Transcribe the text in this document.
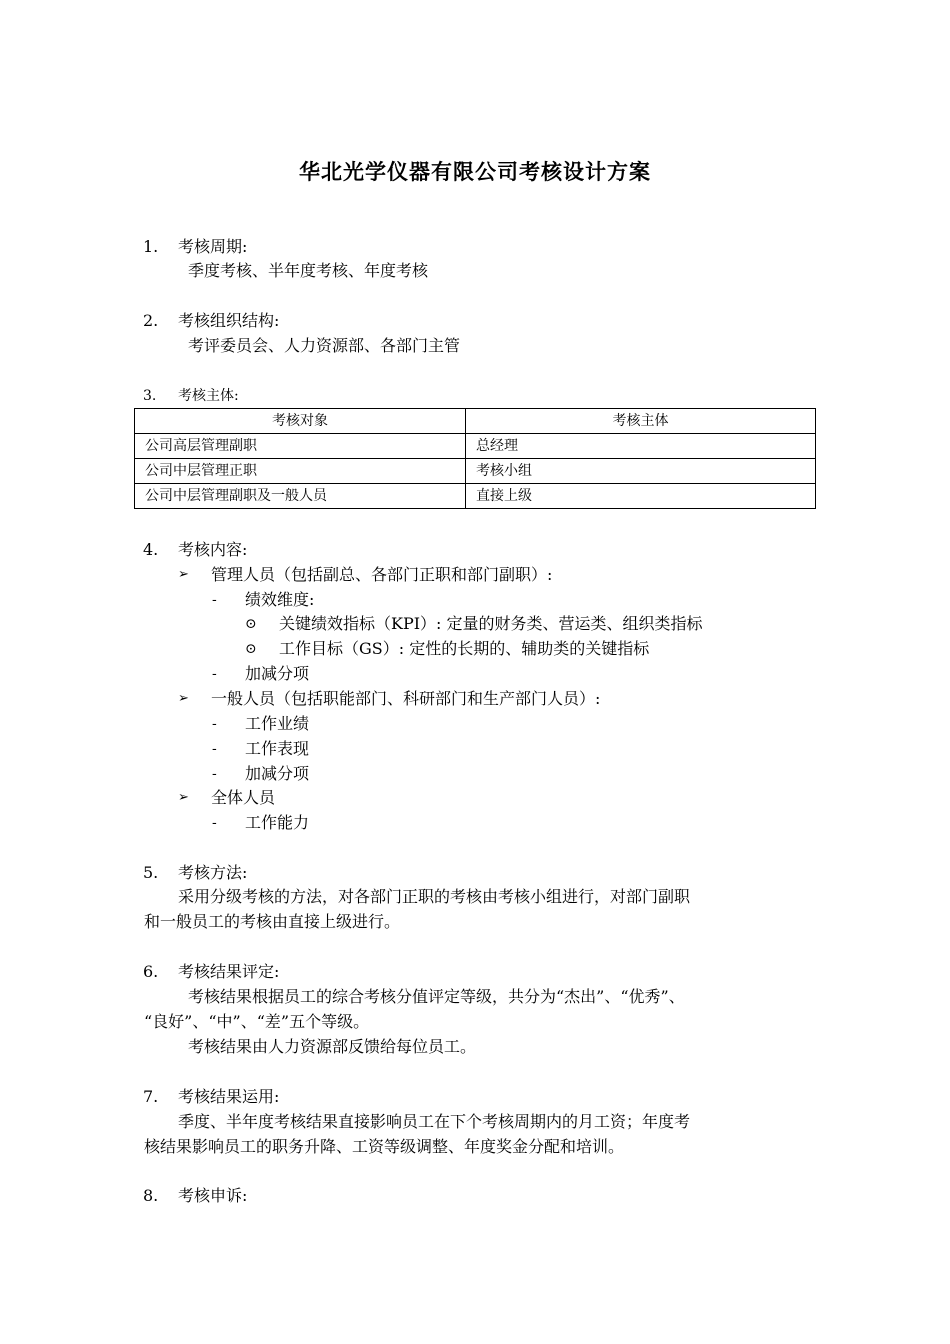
华北光学仪器有限公司考核设计方案
1. 考核周期:
季度考核、半年度考核、年度考核
2. 考核组织结构:
考评委员会、人力资源部、各部门主管
3. 考核主体:
考核对象	考核主体
公司高层管理副职	总经理
公司中层管理正职	考核小组
公司中层管理副职及一般人员	直接上级
4. 考核内容:
➢ 管理人员（包括副总、各部门正职和部门副职）:
- 绩效维度:
⊙ 关键绩效指标（KPI）: 定量的财务类、营运类、组织类指标
⊙ 工作目标（GS）: 定性的长期的、辅助类的关键指标
- 加减分项
➢ 一般人员（包括职能部门、科研部门和生产部门人员）:
- 工作业绩
- 工作表现
- 加减分项
➢ 全体人员
- 工作能力
5. 考核方法:
采用分级考核的方法，对各部门正职的考核由考核小组进行，对部门副职
和一般员工的考核由直接上级进行。
6. 考核结果评定:
考核结果根据员工的综合考核分值评定等级，共分为“杰出”、“优秀”、
“良好”、“中”、“差”五个等级。
考核结果由人力资源部反馈给每位员工。
7. 考核结果运用:
季度、半年度考核结果直接影响员工在下个考核周期内的月工资；年度考
核结果影响员工的职务升降、工资等级调整、年度奖金分配和培训。
8. 考核申诉:
